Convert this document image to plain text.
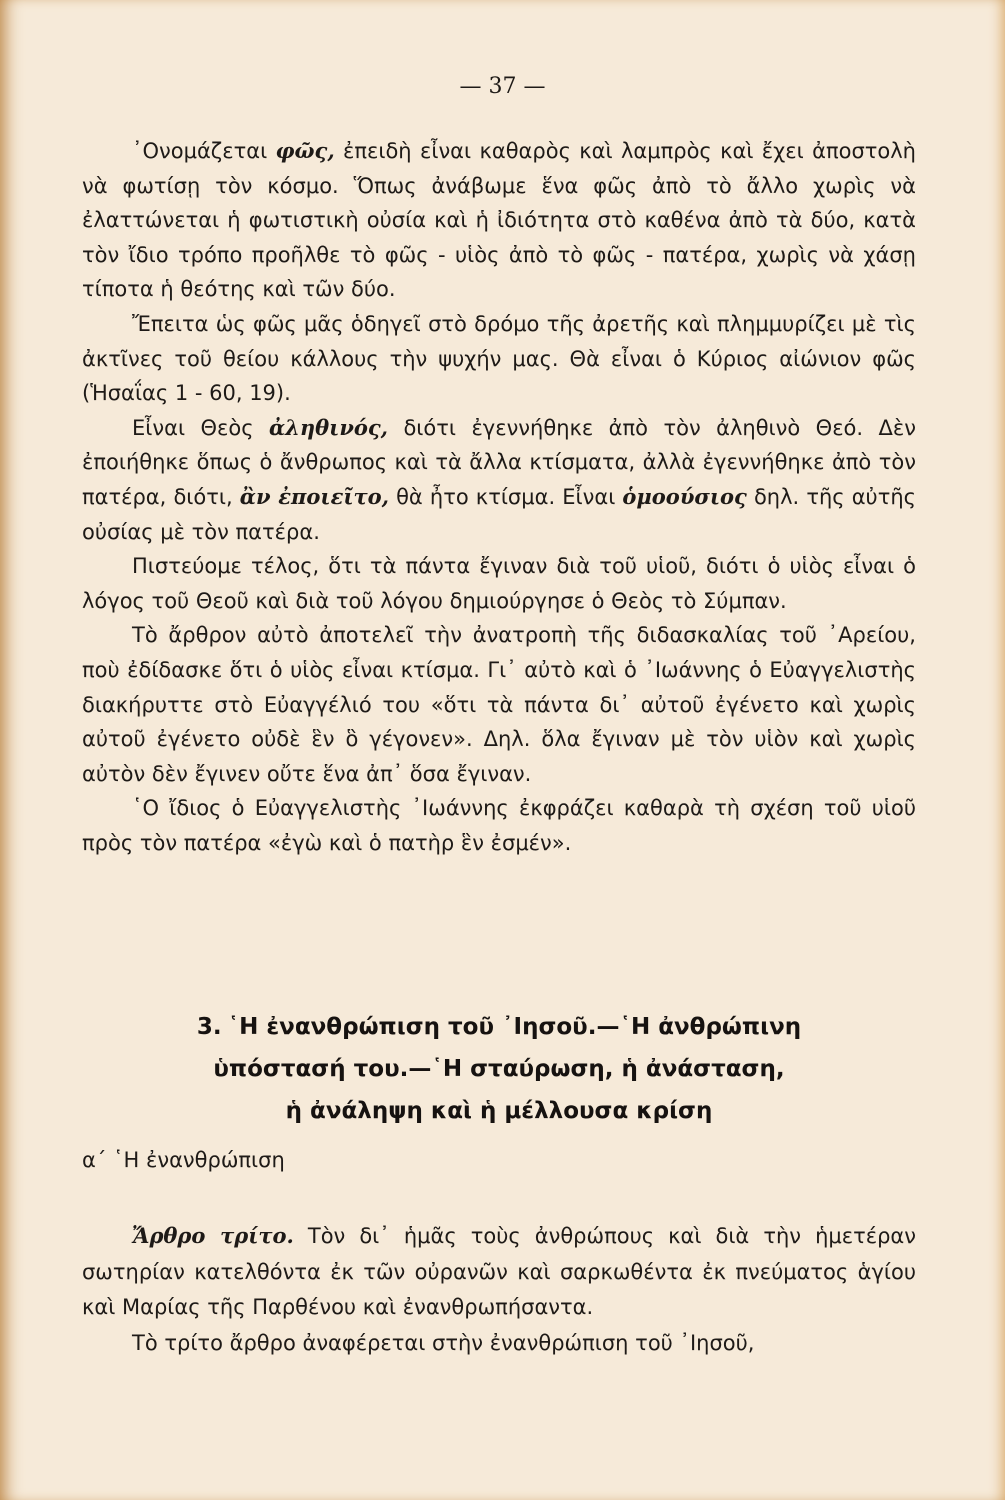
— 37 —

᾿Ονομάζεται φῶς, ἐπειδὴ εἶναι καθαρὸς καὶ λαμπρὸς καὶ ἔχει ἀποστολὴ νὰ φωτίσῃ τὸν κόσμο. Ὅπως ἀνάβωμε ἕνα φῶς ἀπὸ τὸ ἄλλο χωρὶς νὰ ἐλαττώνεται ἡ φωτιστικὴ οὐσία καὶ ἡ ἰδιότητα στὸ καθένα ἀπὸ τὰ δύο, κατὰ τὸν ἴδιο τρόπο προῆλθε τὸ φῶς - υἱὸς ἀπὸ τὸ φῶς - πατέρα, χωρὶς νὰ χάσῃ τίποτα ἡ θεότης καὶ τῶν δύο.

Ἔπειτα ὡς φῶς μᾶς ὁδηγεῖ στὸ δρόμο τῆς ἀρετῆς καὶ πλημμυρίζει μὲ τὶς ἀκτῖνες τοῦ θείου κάλλους τὴν ψυχήν μας. Θὰ εἶναι ὁ Κύριος αἰώνιον φῶς (Ἡσαΐας 1 - 60, 19).

Εἶναι Θεὸς ἀληθινός, διότι ἐγεννήθηκε ἀπὸ τὸν ἀληθινὸ Θεό. Δὲν ἐποιήθηκε ὅπως ὁ ἄνθρωπος καὶ τὰ ἄλλα κτίσματα, ἀλλὰ ἐγεννήθηκε ἀπὸ τὸν πατέρα, διότι, ἂν ἐποιεῖτο, θὰ ἦτο κτίσμα. Εἶναι ὁμοούσιος δηλ. τῆς αὐτῆς οὐσίας μὲ τὸν πατέρα.

Πιστεύομε τέλος, ὅτι τὰ πάντα ἔγιναν διὰ τοῦ υἱοῦ, διότι ὁ υἱὸς εἶναι ὁ λόγος τοῦ Θεοῦ καὶ διὰ τοῦ λόγου δημιούργησε ὁ Θεὸς τὸ Σύμπαν.

Τὸ ἄρθρον αὐτὸ ἀποτελεῖ τὴν ἀνατροπὴ τῆς διδασκαλίας τοῦ ᾿Αρείου, ποὺ ἐδίδασκε ὅτι ὁ υἱὸς εἶναι κτίσμα. Γι᾿ αὐτὸ καὶ ὁ ᾿Ιωάννης ὁ Εὐαγγελιστὴς διακήρυττε στὸ Εὐαγγέλιό του «ὅτι τὰ πάντα δι᾿ αὐτοῦ ἐγένετο καὶ χωρὶς αὐτοῦ ἐγένετο οὐδὲ ἓν ὃ γέγονεν». Δηλ. ὅλα ἔγιναν μὲ τὸν υἱὸν καὶ χωρὶς αὐτὸν δὲν ἔγινεν οὔτε ἕνα ἀπ᾿ ὅσα ἔγιναν.

῾Ο ἴδιος ὁ Εὐαγγελιστὴς ᾿Ιωάννης ἐκφράζει καθαρὰ τὴ σχέση τοῦ υἱοῦ πρὸς τὸν πατέρα «ἐγὼ καὶ ὁ πατὴρ ἓν ἐσμέν».

3. ῾Η ἐνανθρώπιση τοῦ ᾿Ιησοῦ.—῾Η ἀνθρώπινη
ὑπόστασή του.—῾Η σταύρωση, ἡ ἀνάσταση,
ἡ ἀνάληψη καὶ ἡ μέλλουσα κρίση
α΄ ῾Η ἐνανθρώπιση

Ἄρθρο τρίτο. Τὸν δι᾿ ἡμᾶς τοὺς ἀνθρώπους καὶ διὰ τὴν ἡμετέραν σωτηρίαν κατελθόντα ἐκ τῶν οὐρανῶν καὶ σαρκωθέντα ἐκ πνεύματος ἁγίου καὶ Μαρίας τῆς Παρθένου καὶ ἐνανθρωπήσαντα.

Τὸ τρίτο ἄρθρο ἀναφέρεται στὴν ἐνανθρώπιση τοῦ ᾿Ιησοῦ,
